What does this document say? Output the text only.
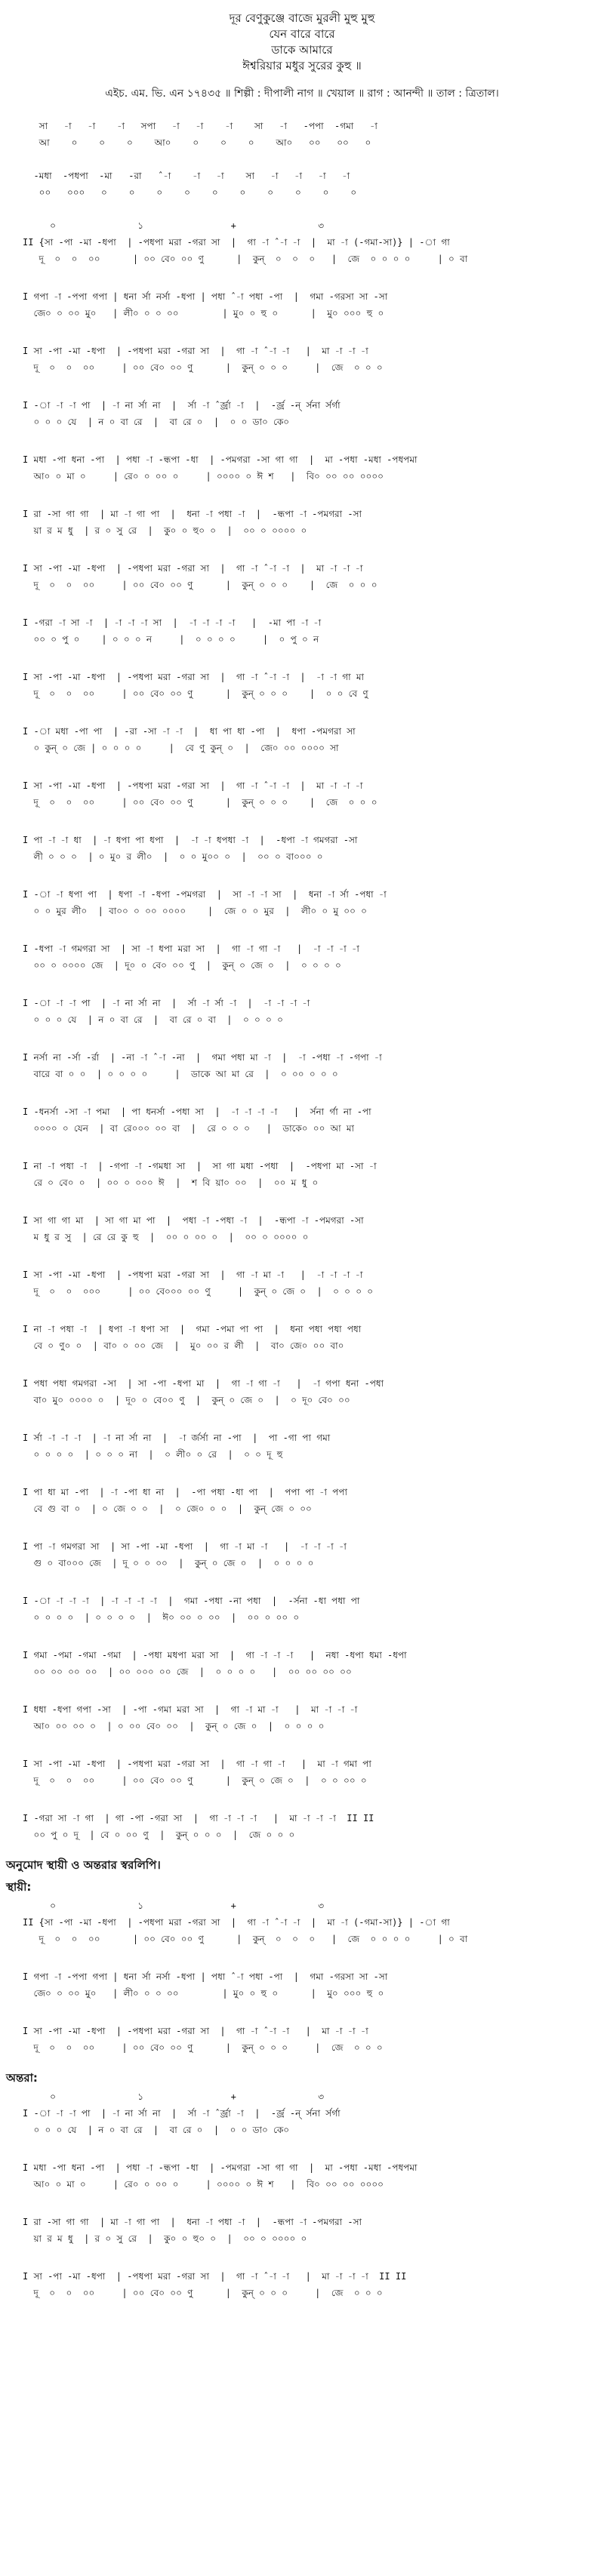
দূর বেণুকুঞ্জে বাজে মুরলী মুহু মুহু
যেন বারে বারে
ডাকে আমারে
ঈশ্বরিয়ার মধুর সুরের কুহু ॥
এইচ. এম. ভি. এন ১৭৪৩৫ ॥ শিল্পী : দীপালী নাগ ॥ খেয়াল ॥ রাগ : আনন্দী ॥ তাল : ত্রিতাল।
সা   -া   -া    -া   সপা   -া   -া    -া    সা   -া   -পপা  -গমা   -া
আ    ০    ০    ০    আ০    ০    ০    ০    আ০   ০০   ০০   ০
-মধা  -পধপা  -মা   -রা   ˆ-া    -া   -া    সা   -া   -া   -া   -া
০০   ০০০   ০    ০    ০    ০    ০    ০    ০    ০    ০    ০
০               ১                +               ৩
II {সা -পা -মা -ধপা  | -পধপা মরা -গরা সা  |  গা -া ˆ-া -া  |  মা -া (-গমা-সা)} | -া গা
দূ  ০  ০  ০০      | ০০ বে০ ০০ ণু      |  কুন্  ০  ০  ০   |  জে  ০ ০ ০ ০     | ০ বা
I গপা -া -পপা গপা | ধনা র্সা নর্সা -ধপা | পধা ˆ-া পধা -পা  |  গমা -গরসা সা -সা
জে০ ০ ০০ মু০   | লী০ ০ ০ ০০        | মু০ ০ হু ০      |  মু০ ০০০ হু ০
I সা -পা -মা -ধপা  | -পধপা মরা -গরা সা  |  গা -া ˆ-া -া   |  মা -া -া -া
দূ  ০  ০  ০০     | ০০ বে০ ০০ ণু      |  কুন্ ০ ০ ০     |  জে  ০ ০ ০
I -া -া -া পা  | -া না র্সা না  |  র্সা -া ˆর্জ্রা -া  |  -র্জ্র -ন্ র্সনা র্সর্গা
০ ০ ০ যে  | ন ০ বা রে  |  বা রে ০  |  ০ ০ ডা০ কে০
I মধা -পা ধনা -পা  | পধা -া -ন্ধপা -ধা  | -পমগরা -সা গা গা  |  মা -পধা -মধা -পধপমা
আ০ ০ মা ০     | রে০ ০ ০০ ০     | ০০০০ ০ ঈ শ   |  বি০ ০০ ০০ ০০০০
I রা -সা গা গা  | মা -া গা পা  |  ধনা -া পধা -া  |  -ন্ধপা -া -পমগরা -সা
য়া র ম ধু  | র ০ সু রে  |  কু০ ০ হু০ ০  |  ০০ ০ ০০০০ ০
I সা -পা -মা -ধপা  | -পধপা মরা -গরা সা  |  গা -া ˆ-া -া  |  মা -া -া -া
দূ  ০  ০  ০০     | ০০ বে০ ০০ ণু      |  কুন্ ০ ০ ০    |  জে  ০ ০ ০
I -গরা -া সা -া  | -া -া -া সা  |  -া -া -া -া   |  -মা পা -া -া
০০ ০ পু ০    | ০ ০ ০ ন     |  ০ ০ ০ ০     |  ০ পু ০ ন
I সা -পা -মা -ধপা  | -পধপা মরা -গরা সা  |  গা -া ˆ-া -া  |  -া -া গা মা
দূ  ০  ০  ০০     | ০০ বে০ ০০ ণু      |  কুন্ ০ ০ ০    |  ০ ০ বে ণু
I -া মধা -পা পা  | -রা -সা -া -া  |  ধা পা ধা -পা  |  ধপা -পমগরা সা
০ কুন্ ০ জে | ০ ০ ০ ০     |  বে ণু কুন্ ০  |  জে০ ০০ ০০০০ সা
I সা -পা -মা -ধপা  | -পধপা মরা -গরা সা  |  গা -া ˆ-া -া  |  মা -া -া -া
দূ  ০  ০  ০০     | ০০ বে০ ০০ ণু      |  কুন্ ০ ০ ০    |  জে  ০ ০ ০
I পা -া -া ধা  | -া ধপা পা ধপা  |  -া -া ধপধা -া  |  -ধপা -া গমগরা -সা
লী ০ ০ ০  | ০ মু০ র লী০  |  ০ ০ মু০০ ০  |  ০০ ০ বা০০০ ০
I -া -া ধপা পা  | ধপা -া -ধপা -পমগরা  |  সা -া -া সা  |  ধনা -া র্সা -পধা -া
০ ০ মুর লী০  | বা০০ ০ ০০ ০০০০    |  জে ০ ০ মুর  |  লী০ ০ মু ০০ ০
I -ধপা -া গমগরা সা  | সা -া ধপা মরা সা  |  গা -া গা -া   |  -া -া -া -া
০০ ০ ০০০০ জে  | দূ০ ০ বে০ ০০ ণু  |  কুন্ ০ জে ০  |  ০ ০ ০ ০
I -া -া -া পা  | -া না র্সা না  |  র্সা -া র্সা -া  |  -া -া -া -া
০ ০ ০ যে  | ন ০ বা রে  |  বা রে ০ বা  |  ০ ০ ০ ০
I নর্সা না -র্সা -র্রা  | -না -া ˆ-া -না  |  গমা পধা মা -া  |  -া -পধা -া -গপা -া
বারে বা ০ ০  | ০ ০ ০ ০     |  ডাকে আ মা রে  |  ০ ০০ ০ ০ ০
I -ধনর্সা -সা -া পমা  | পা ধনর্সা -পধা সা  |  -া -া -া -া   |  র্সনা র্গা না -পা
০০০০ ০ যেন  | বা রে০০০ ০০ বা  |  রে ০ ০ ০   |  ডাকে০ ০০ আ মা
I না -া পধা -া  | -গপা -া -গমধা সা  |  সা গা মধা -পধা  |  -পধপা মা -সা -া
রে ০ বে০ ০  | ০০ ০ ০০০ ঈ  |  শ বি য়া০ ০০  |  ০০ ম ধু ০
I সা গা গা মা  | সা গা মা পা  |  পধা -া -পধা -া  |  -ন্ধপা -া -পমগরা -সা
ম ধু র সু  | রে রে কু হু  |  ০০ ০ ০০ ০  |  ০০ ০ ০০০০ ০
I সা -পা -মা -ধপা  | -পধপা মরা -গরা সা  |  গা -া মা -া   |  -া -া -া -া
দূ  ০  ০  ০০০     | ০০ বে০০০ ০০ ণু     |  কুন্ ০ জে ০  |  ০ ০ ০ ০
I না -া পধা -া  | ধপা -া ধপা সা  |  গমা -পমা পা পা  |  ধনা পধা পধা পধা
বে ০ ণু০ ০  | বা০ ০ ০০ জে  |  মু০ ০০ র লী  |  বা০ জে০ ০০ বা০
I পধা পধা গমগরা -সা  | সা -পা -ধপা মা  |  গা -া গা -া   |  -া গপা ধনা -পধা
বা০ মু০ ০০০০ ০  | দূ০ ০ বে০০ ণু  |  কুন্ ০ জে ০  |  ০ দূ০ বে০ ০০
I র্সা -া -া -া  | -া না র্সা না  |  -া র্জর্সা না -পা  |  পা -গা পা গমা
০ ০ ০ ০  | ০ ০ ০ না  |  ০ লী০ ০ রে  |  ০ ০ দূ হু
I পা ধা মা -পা  | -া -পা ধা না  |  -পা পধা -ধা পা  |  পপা পা -া পপা
বে গু বা ০  | ০ জে ০ ০  |  ০ জে০ ০ ০  |  কুন্ জে ০ ০০
I পা -া গমগরা সা  | সা -পা -মা -ধপা  |  গা -া মা -া   |  -া -া -া -া
গু ০ বা০০০ জে  | দূ ০ ০ ০০  |  কুন্ ০ জে ০  |  ০ ০ ০ ০
I -া -া -া -া  | -া -া -া -া  |  গমা -পধা -না পধা  |  -র্সনা -ধা পধা পা
০ ০ ০ ০  | ০ ০ ০ ০  |  ঈ০ ০০ ০ ০০  |  ০০ ০ ০০ ০
I গমা -পমা -গমা -গমা  | -পধা মধপা মরা সা  |  গা -া -া -া   |  নধা -ধপা ধমা -ধপা
০০ ০০ ০০ ০০  | ০০ ০০০ ০০ জে  |  ০ ০ ০ ০   |  ০০ ০০ ০০ ০০
I ধধা -ধপা গপা -সা  | -পা -গমা মরা সা  |  গা -া মা -া   |  মা -া -া -া
আ০ ০০ ০০ ০  | ০ ০০ বে০ ০০  |  কুন্ ০ জে ০  |  ০ ০ ০ ০
I সা -পা -মা -ধপা  | -পধপা মরা -গরা সা  |  গা -া গা -া   |  মা -া গমা পা
দূ  ০  ০  ০০     | ০০ বে০ ০০ ণু      |  কুন্ ০ জে ০  |  ০ ০ ০০ ০
I -গরা সা -া গা  | গা -পা -গরা সা  |  গা -া -া -া   |  মা -া -া -া  II II
০০ পু ০ দূ  | বে ০ ০০ ণু  |  কুন্ ০ ০ ০  |  জে ০ ০ ০
অনুমোদ স্থায়ী ও অন্তরার স্বরলিপি।
স্থায়ী:
০               ১                +               ৩
II {সা -পা -মা -ধপা  | -পধপা মরা -গরা সা  |  গা -া ˆ-া -া  |  মা -া (-গমা-সা)} | -া গা
দূ  ০  ০  ০০      | ০০ বে০ ০০ ণু      |  কুন্  ০  ০  ০   |  জে  ০ ০ ০ ০     | ০ বা
I গপা -া -পপা গপা | ধনা র্সা নর্সা -ধপা | পধা ˆ-া পধা -পা  |  গমা -গরসা সা -সা
জে০ ০ ০০ মু০   | লী০ ০ ০ ০০        | মু০ ০ হু ০      |  মু০ ০০০ হু ০
I সা -পা -মা -ধপা  | -পধপা মরা -গরা সা  |  গা -া ˆ-া -া   |  মা -া -া -া
দূ  ০  ০  ০০     | ০০ বে০ ০০ ণু      |  কুন্ ০ ০ ০     |  জে  ০ ০ ০
অন্তরা:
০               ১                +               ৩
I -া -া -া পা  | -া না র্সা না  |  র্সা -া ˆর্জ্রা -া  |  -র্জ্র -ন্ র্সনা র্সর্গা
০ ০ ০ যে  | ন ০ বা রে  |  বা রে ০  |  ০ ০ ডা০ কে০
I মধা -পা ধনা -পা  | পধা -া -ন্ধপা -ধা  | -পমগরা -সা গা গা  |  মা -পধা -মধা -পধপমা
আ০ ০ মা ০     | রে০ ০ ০০ ০     | ০০০০ ০ ঈ শ   |  বি০ ০০ ০০ ০০০০
I রা -সা গা গা  | মা -া গা পা  |  ধনা -া পধা -া  |  -ন্ধপা -া -পমগরা -সা
য়া র ম ধু  | র ০ সু রে  |  কু০ ০ হু০ ০  |  ০০ ০ ০০০০ ০
I সা -পা -মা -ধপা  | -পধপা মরা -গরা সা  |  গা -া ˆ-া -া   |  মা -া -া -া  II II
দূ  ০  ০  ০০     | ০০ বে০ ০০ ণু      |  কুন্ ০ ০ ০     |  জে  ০ ০ ০
